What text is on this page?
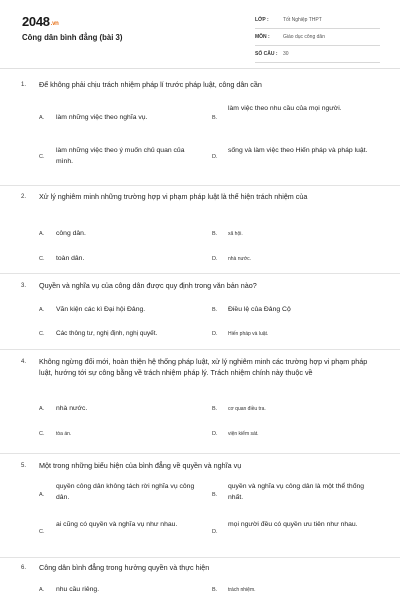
2048.vn
Công dân bình đẳng (bài 3)
LỚP :	Tốt Nghiệp THPT
MÔN :	Giáo dục công dân
SỐ CÂU : 30
1. Để không phải chịu trách nhiệm pháp lí trước pháp luật, công dân cần
A. làm những việc theo nghĩa vụ.	B.
làm việc theo nhu cầu của mọi người.
C.
làm những việc theo ý muốn chủ quan của mình.
D.
sống và làm việc theo Hiến pháp và pháp luật.
2. Xử lý nghiêm minh những trường hợp vi phạm pháp luật là thể hiện trách nhiệm của
A. công dân.	B. xã hội.
C. toàn dân.	D. nhà nước.
3. Quyền và nghĩa vụ của công dân được quy định trong văn bản nào?
A. Văn kiện các kì Đại hội Đảng.	B. Điều lệ của Đảng Cộ
C. Các thông tư, nghị định, nghị quyết.	D. Hiến pháp và luật.
4. Không ngừng đổi mới, hoàn thiện hệ thống pháp luật, xử lý nghiêm minh các trường hợp vi phạm pháp luật, hướng tới sự công bằng về trách nhiệm pháp lý. Trách nhiệm chính này thuộc về
A. nhà nước.	B. cơ quan điều tra.
C. tòa án.	D. viện kiểm sát.
5. Một trong những biểu hiện của bình đẳng về quyền và nghĩa vụ
A.
quyền công dân không tách rời nghĩa vụ công dân.	B.
quyền và nghĩa vụ công dân là một thể thống nhất.
C.
ai cũng có quyền và nghĩa vụ như nhau.
D.
mọi người đều có quyền ưu tiên như nhau.
6. Công dân bình đẳng trong hưởng quyền và thực hiện
A. nhu cầu riêng.	B. trách nhiệm.
